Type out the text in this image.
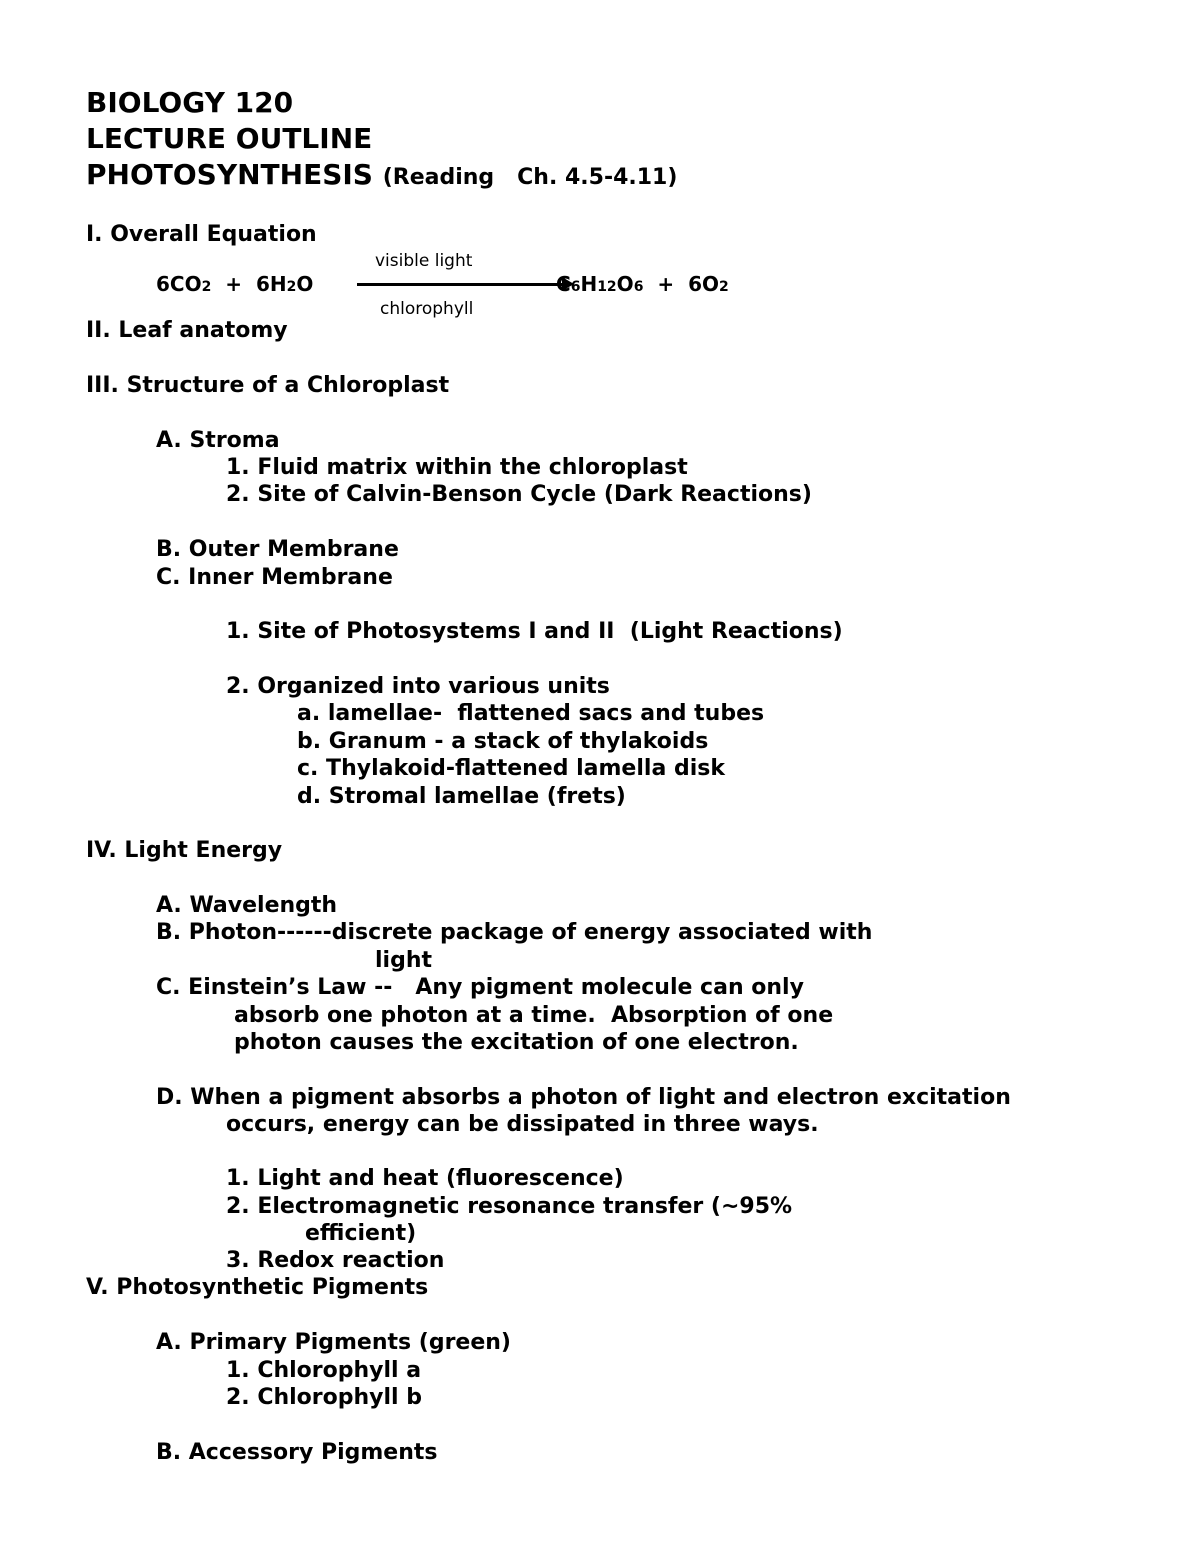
BIOLOGY 120
LECTURE OUTLINE
PHOTOSYNTHESIS (Reading   Ch. 4.5-4.11)
I. Overall Equation
visible light
6CO2 + 6H2O	C6H12O6 + 6O2
chlorophyll
II. Leaf anatomy
III. Structure of a Chloroplast
A. Stroma
1. Fluid matrix within the chloroplast
2. Site of Calvin-Benson Cycle (Dark Reactions)
B. Outer Membrane
C. Inner Membrane
1. Site of Photosystems I and II  (Light Reactions)
2. Organized into various units
a. lamellae-  flattened sacs and tubes
b. Granum - a stack of thylakoids
c. Thylakoid-flattened lamella disk
d. Stromal lamellae (frets)
IV. Light Energy
A. Wavelength
B. Photon------discrete package of energy associated with
light
C. Einstein’s Law --   Any pigment molecule can only
absorb one photon at a time.  Absorption of one
photon causes the excitation of one electron.
D. When a pigment absorbs a photon of light and electron excitation
occurs, energy can be dissipated in three ways.
1. Light and heat (fluorescence)
2. Electromagnetic resonance transfer (~95%
efficient)
3. Redox reaction
V. Photosynthetic Pigments
A. Primary Pigments (green)
1. Chlorophyll a
2. Chlorophyll b
B. Accessory Pigments
